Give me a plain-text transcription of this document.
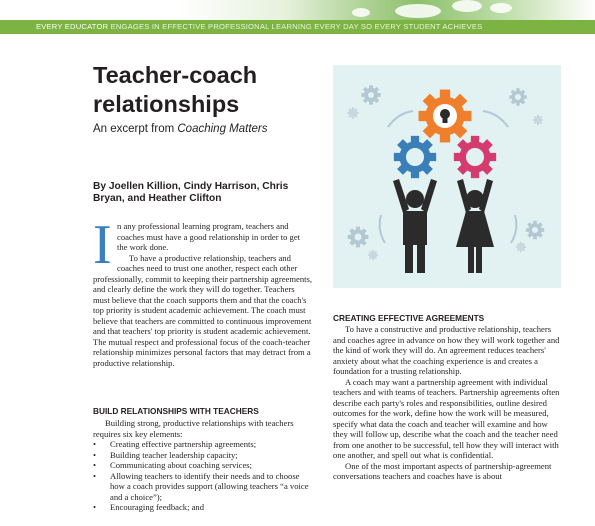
EVERY EDUCATOR ENGAGES IN EFFECTIVE PROFESSIONAL LEARNING EVERY DAY SO EVERY STUDENT ACHIEVES
Teacher-coach
relationships
An excerpt from Coaching Matters
By Joellen Killion, Cindy Harrison, Chris
Bryan, and Heather Clifton
I n any professional learning program, teachers and coaches must have a good relationship in order to get the work done.

To have a productive relationship, teachers and coaches need to trust one another, respect each other professionally, commit to keeping their partnership agreements, and clearly define the work they will do together. Teachers must believe that the coach supports them and that the coach's top priority is student academic achievement. The coach must believe that teachers are committed to continuous improvement and that teachers' top priority is student academic achievement. The mutual respect and professional focus of the coach-teacher relationship minimizes personal factors that may detract from a productive relationship.

BUILD RELATIONSHIPS WITH TEACHERS

Building strong, productive relationships with teachers requires six key elements:

• Creating effective partnership agreements;
• Building teacher leadership capacity;
• Communicating about coaching services;
• Allowing teachers to identify their needs and to choose how a coach provides support (allowing teachers “a voice and a choice”);
• Encouraging feedback; and
CREATING EFFECTIVE AGREEMENTS

To have a constructive and productive relationship, teachers and coaches agree in advance on how they will work together and the kind of work they will do. An agreement reduces teachers' anxiety about what the coaching experience is and creates a foundation for a trusting relationship.

A coach may want a partnership agreement with individual teachers and with teams of teachers. Partnership agreements often describe each party's roles and responsibilities, outline desired outcomes for the work, define how the work will be measured, specify what data the coach and teacher will examine and how they will follow up, describe what the coach and the teacher need from one another to be successful, tell how they will interact with one another, and spell out what is confidential.

One of the most important aspects of partnership-agreement conversations teachers and coaches have is about
